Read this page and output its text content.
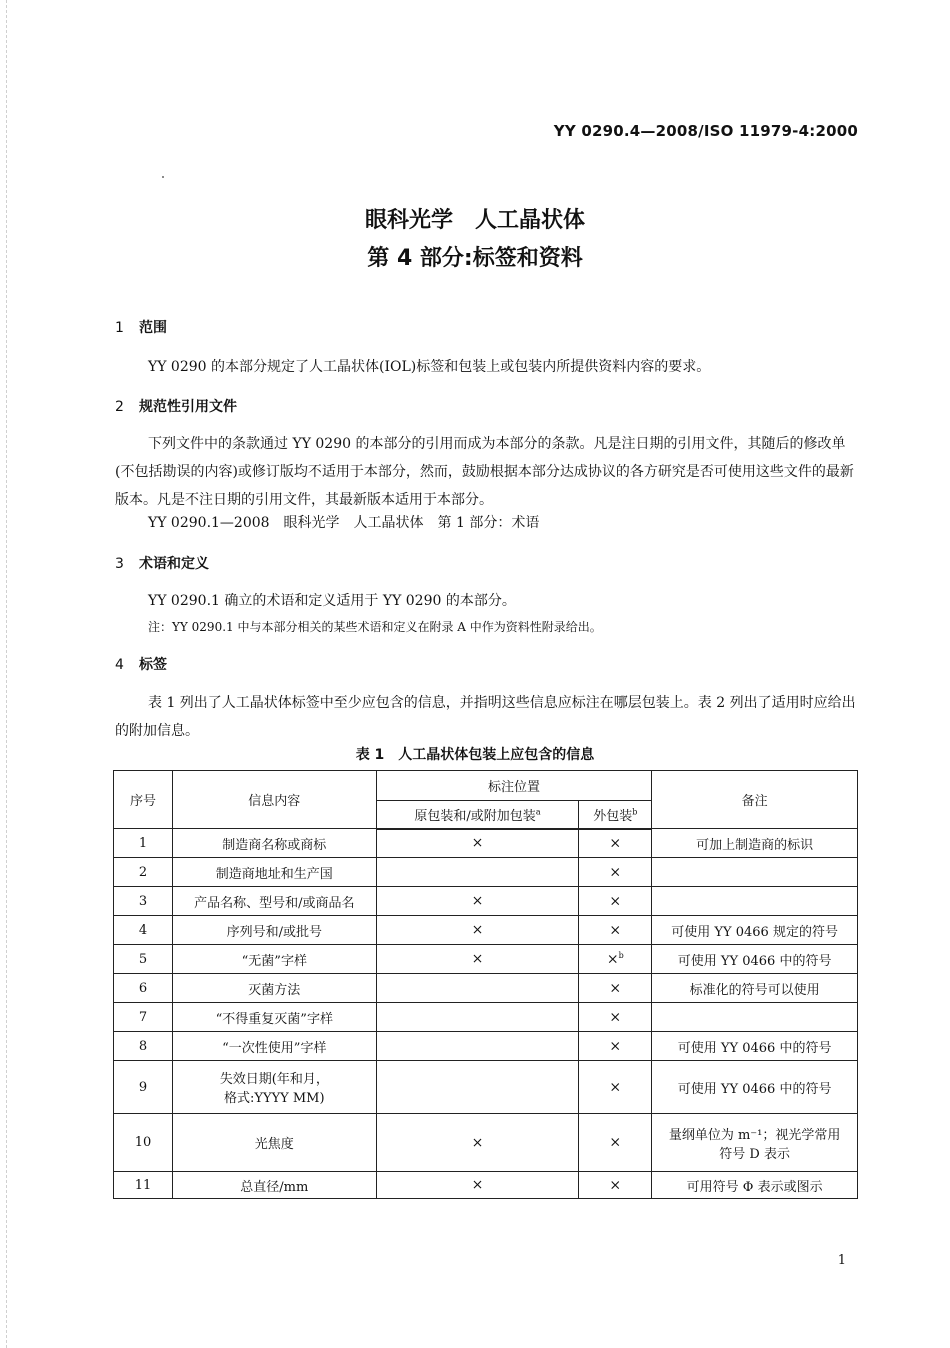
YY 0290.4—2008/ISO 11979-4:2000
眼科光学　人工晶状体
第 4 部分:标签和资料
1 范围
YY 0290 的本部分规定了人工晶状体(IOL)标签和包装上或包装内所提供资料内容的要求。
2 规范性引用文件
下列文件中的条款通过 YY 0290 的本部分的引用而成为本部分的条款。凡是注日期的引用文件，其随后的修改单(不包括勘误的内容)或修订版均不适用于本部分，然而，鼓励根据本部分达成协议的各方研究是否可使用这些文件的最新版本。凡是不注日期的引用文件，其最新版本适用于本部分。
YY 0290.1—2008　眼科光学　人工晶状体　第 1 部分：术语
3 术语和定义
YY 0290.1 确立的术语和定义适用于 YY 0290 的本部分。
注：YY 0290.1 中与本部分相关的某些术语和定义在附录 A 中作为资料性附录给出。
4 标签
表 1 列出了人工晶状体标签中至少应包含的信息，并指明这些信息应标注在哪层包装上。表 2 列出了适用时应给出的附加信息。
表 1　人工晶状体包装上应包含的信息
序号	信息内容	标注位置		备注
		原包装和/或附加包装$^a$	外包装$^b$
1	制造商名称或商标	×	×	可加上制造商的标识
2	制造商地址和生产国		×	
3	产品名称、型号和/或商品名	×	×	
4	序列号和/或批号	×	×	可使用 YY 0466 规定的符号
5	“无菌”字样	×	×$^b$	可使用 YY 0466 中的符号
6	灭菌方法		×	标准化的符号可以使用
7	“不得重复灭菌”字样		×	
8	“一次性使用”字样		×	可使用 YY 0466 中的符号
9	失效日期(年和月，
格式:YYYY MM)		×	可使用 YY 0466 中的符号
10	光焦度	×	×	量纲单位为 m⁻¹；视光学常用
符号 D 表示
11	总直径/mm	×	×	可用符号 Φ 表示或图示
1
